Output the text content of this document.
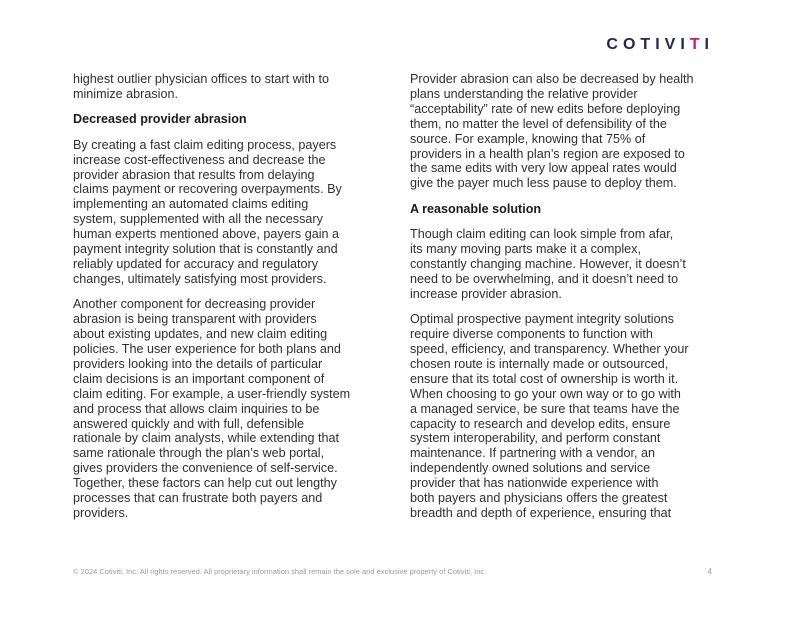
COTIVI T I

highest outlier physician offices to start with to
minimize abrasion.

Decreased provider abrasion

By creating a fast claim editing process, payers
increase cost-effectiveness and decrease the
provider abrasion that results from delaying
claims payment or recovering overpayments. By
implementing an automated claims editing
system, supplemented with all the necessary
human experts mentioned above, payers gain a
payment integrity solution that is constantly and
reliably updated for accuracy and regulatory
changes, ultimately satisfying most providers.

Another component for decreasing provider
abrasion is being transparent with providers
about existing updates, and new claim editing
policies. The user experience for both plans and
providers looking into the details of particular
claim decisions is an important component of
claim editing. For example, a user-friendly system
and process that allows claim inquiries to be
answered quickly and with full, defensible
rationale by claim analysts, while extending that
same rationale through the plan’s web portal,
gives providers the convenience of self-service.
Together, these factors can help cut out lengthy
processes that can frustrate both payers and
providers.

Provider abrasion can also be decreased by health
plans understanding the relative provider
“acceptability” rate of new edits before deploying
them, no matter the level of defensibility of the
source. For example, knowing that 75% of
providers in a health plan’s region are exposed to
the same edits with very low appeal rates would
give the payer much less pause to deploy them.

A reasonable solution

Though claim editing can look simple from afar,
its many moving parts make it a complex,
constantly changing machine. However, it doesn’t
need to be overwhelming, and it doesn’t need to
increase provider abrasion.

Optimal prospective payment integrity solutions
require diverse components to function with
speed, efficiency, and transparency. Whether your
chosen route is internally made or outsourced,
ensure that its total cost of ownership is worth it.
When choosing to go your own way or to go with
a managed service, be sure that teams have the
capacity to research and develop edits, ensure
system interoperability, and perform constant
maintenance. If partnering with a vendor, an
independently owned solutions and service
provider that has nationwide experience with
both payers and physicians offers the greatest
breadth and depth of experience, ensuring that

© 2024 Cotiviti, Inc. All rights reserved. All proprietary information shall remain the sole and exclusive property of Cotiviti, Inc.	4
